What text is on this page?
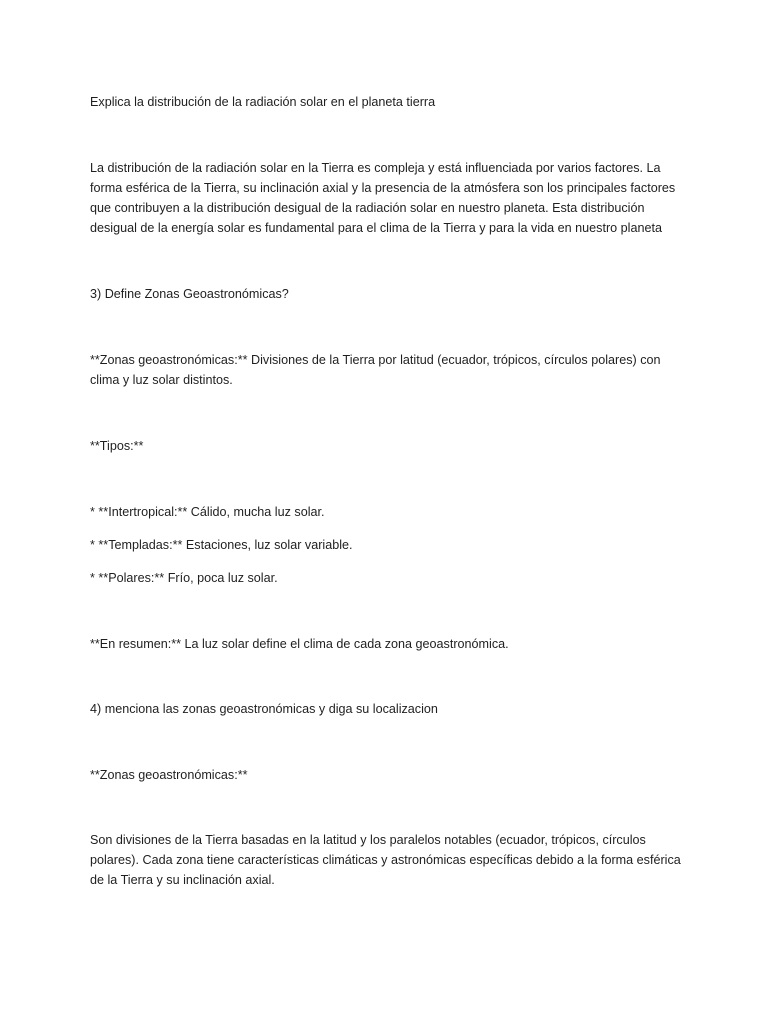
Explica la distribución de la radiación solar en el planeta tierra

La distribución de la radiación solar en la Tierra es compleja y está influenciada por varios factores. La forma esférica de la Tierra, su inclinación axial y la presencia de la atmósfera son los principales factores que contribuyen a la distribución desigual de la radiación solar en nuestro planeta. Esta distribución desigual de la energía solar es fundamental para el clima de la Tierra y para la vida en nuestro planeta

3) Define Zonas Geoastronómicas?

**Zonas geoastronómicas:** Divisiones de la Tierra por latitud (ecuador, trópicos, círculos polares) con clima y luz solar distintos.

**Tipos:**

* **Intertropical:** Cálido, mucha luz solar.

* **Templadas:** Estaciones, luz solar variable.

* **Polares:** Frío, poca luz solar.

**En resumen:** La luz solar define el clima de cada zona geoastronómica.

4) menciona las zonas geoastronómicas y diga su localizacion

**Zonas geoastronómicas:**

Son divisiones de la Tierra basadas en la latitud y los paralelos notables (ecuador, trópicos, círculos polares). Cada zona tiene características climáticas y astronómicas específicas debido a la forma esférica de la Tierra y su inclinación axial.
